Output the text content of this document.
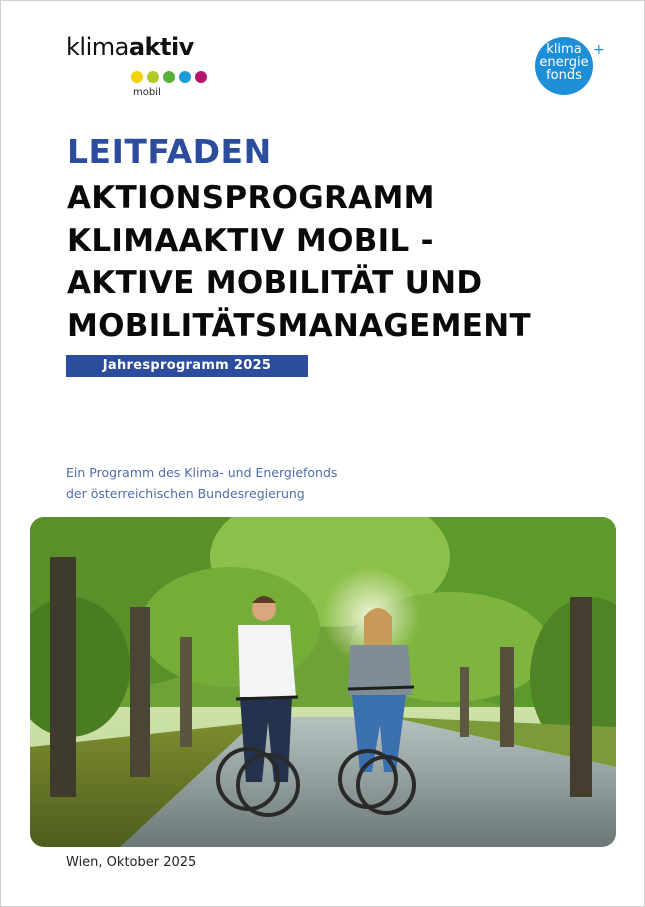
klimaaktiv
mobil
klima
energie
fonds
+
LEITFADEN
AKTIONSPROGRAMM
KLIMAAKTIV MOBIL -
AKTIVE MOBILITÄT UND
MOBILITÄTSMANAGEMENT
Jahresprogramm 2025
Ein Programm des Klima- und Energiefonds
der österreichischen Bundesregierung
Wien, Oktober 2025
